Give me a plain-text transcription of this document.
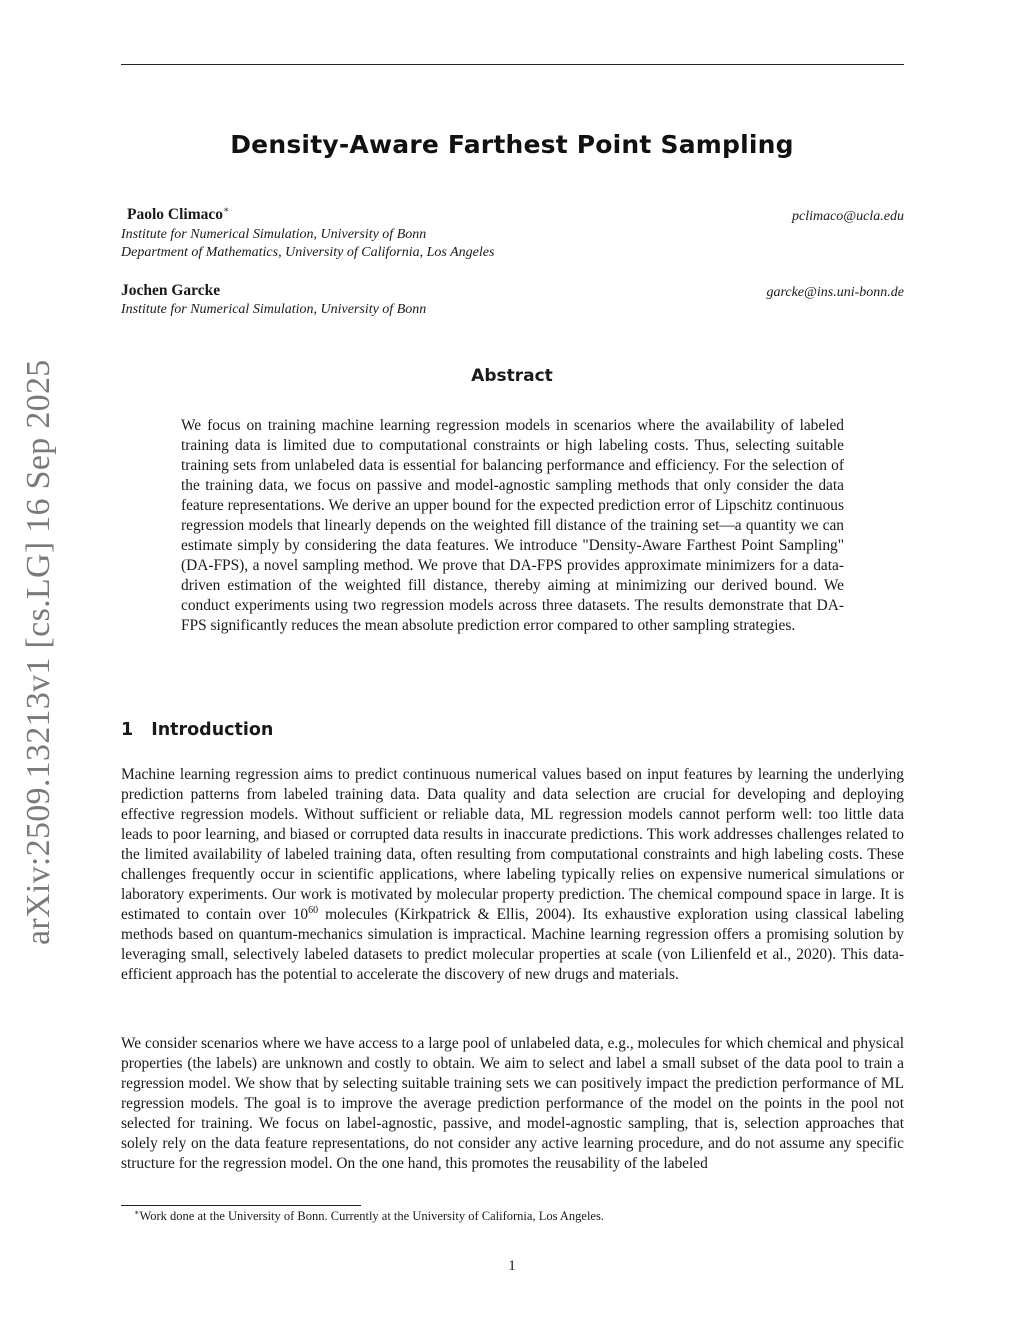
Density-Aware Farthest Point Sampling
Paolo Climaco∗	pclimaco@ucla.edu
Institute for Numerical Simulation, University of Bonn
Department of Mathematics, University of California, Los Angeles
Jochen Garcke	garcke@ins.uni-bonn.de
Institute for Numerical Simulation, University of Bonn
arXiv:2509.13213v1 [cs.LG] 16 Sep 2025	Abstract
We focus on training machine learning regression models in scenarios where the availability of labeled training data is limited due to computational constraints or high labeling costs. Thus, selecting suitable training sets from unlabeled data is essential for balancing performance and efficiency. For the selection of the training data, we focus on passive and model-agnostic sampling methods that only consider the data feature representations. We derive an upper bound for the expected prediction error of Lipschitz continuous regression models that linearly depends on the weighted fill distance of the training set—a quantity we can estimate simply by considering the data features. We introduce "Density-Aware Farthest Point Sampling" (DA-FPS), a novel sampling method. We prove that DA-FPS provides approximate minimizers for a data-driven estimation of the weighted fill distance, thereby aiming at minimizing our derived bound. We conduct experiments using two regression models across three datasets. The results demonstrate that DA-FPS significantly reduces the mean absolute prediction error compared to other sampling strategies.
1 Introduction
Machine learning regression aims to predict continuous numerical values based on input features by learning the underlying prediction patterns from labeled training data. Data quality and data selection are crucial for developing and deploying effective regression models. Without sufficient or reliable data, ML regression models cannot perform well: too little data leads to poor learning, and biased or corrupted data results in inaccurate predictions. This work addresses challenges related to the limited availability of labeled training data, often resulting from computational constraints and high labeling costs. These challenges frequently occur in scientific applications, where labeling typically relies on expensive numerical simulations or laboratory experiments. Our work is motivated by molecular property prediction. The chemical compound space in large. It is estimated to contain over $10^{60}$ molecules (Kirkpatrick & Ellis, 2004). Its exhaustive exploration using classical labeling methods based on quantum-mechanics simulation is impractical. Machine learning regression offers a promising solution by leveraging small, selectively labeled datasets to predict molecular properties at scale (von Lilienfeld et al., 2020). This data-efficient approach has the potential to accelerate the discovery of new drugs and materials.
We consider scenarios where we have access to a large pool of unlabeled data, e.g., molecules for which chemical and physical properties (the labels) are unknown and costly to obtain. We aim to select and label a small subset of the data pool to train a regression model. We show that by selecting suitable training sets we can positively impact the prediction performance of ML regression models. The goal is to improve the average prediction performance of the model on the points in the pool not selected for training. We focus on label-agnostic, passive, and model-agnostic sampling, that is, selection approaches that solely rely on the data feature representations, do not consider any active learning procedure, and do not assume any specific structure for the regression model. On the one hand, this promotes the reusability of the labeled
∗Work done at the University of Bonn. Currently at the University of California, Los Angeles.
1
